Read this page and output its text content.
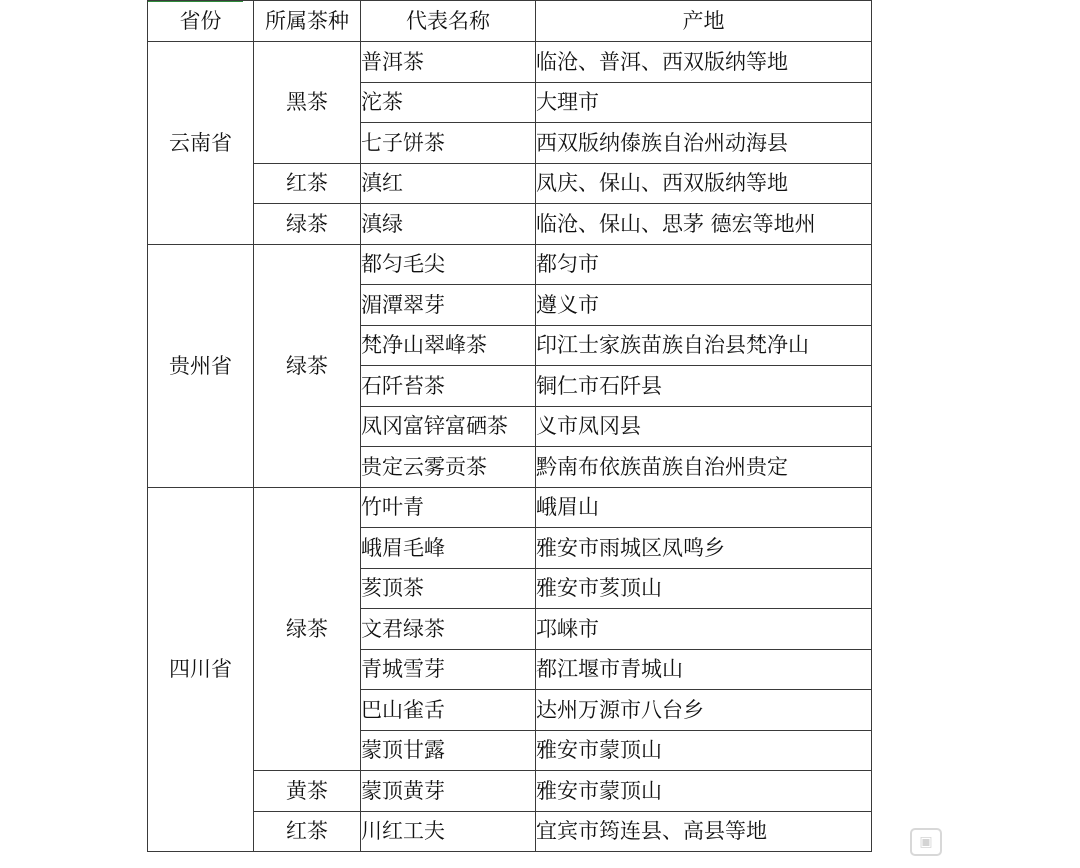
省份	所属茶种	代表名称	产地
云南省	黑茶	普洱茶	临沧、普洱、西双版纳等地
		沱茶	大理市
		七子饼茶	西双版纳傣族自治州动海县
	红茶	滇红	凤庆、保山、西双版纳等地
	绿茶	滇绿	临沧、保山、思茅 德宏等地州
贵州省	绿茶	都匀毛尖	都匀市
		湄潭翠芽	遵义市
		梵净山翠峰茶	印江士家族苗族自治县梵净山
		石阡苔茶	铜仁市石阡县
		凤冈富锌富硒茶	义市凤冈县
		贵定云雾贡茶	黔南布依族苗族自治州贵定
四川省	绿茶	竹叶青	峨眉山
		峨眉毛峰	雅安市雨城区凤鸣乡
		荄顶茶	雅安市荄顶山
		文君绿茶	邛崃市
		青城雪芽	都江堰市青城山
		巴山雀舌	达州万源市八台乡
		蒙顶甘露	雅安市蒙顶山
	黄茶	蒙顶黄芽	雅安市蒙顶山
	红茶	川红工夫	宜宾市筠连县、高县等地	▣
